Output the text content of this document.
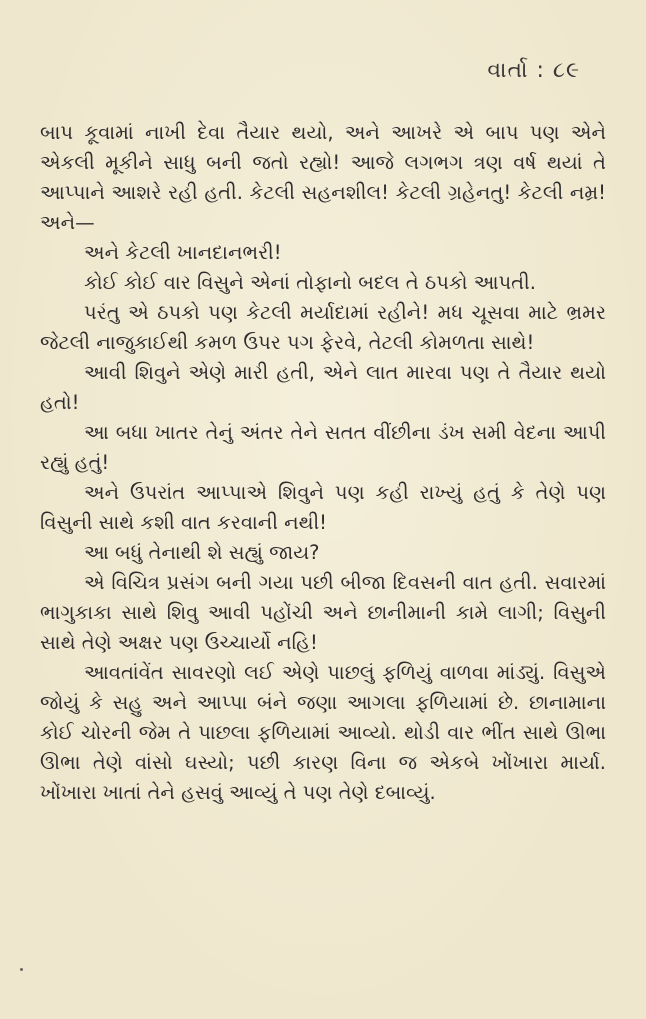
વાર્તા : ૮૯

બાપ કૂવામાં નાખી દેવા તૈયાર થયો, અને આખરે એ બાપ પણ એને એકલી મૂકીને સાધુ બની જતો રહ્યો! આજે લગભગ ત્રણ વર્ષ થયાં તે આપ્પાને આશરે રહી હતી. કેટલી સહનશીલ! કેટલી ગ્રહેનતુ! કેટલી નમ્ર! અને—

અને કેટલી ખાનદાનભરી!

કોઈ કોઈ વાર વિસુને એનાં તોફાનો બદલ તે ઠપકો આપતી.

પરંતુ એ ઠપકો પણ કેટલી મર્યાદામાં રહીને! મધ ચૂસવા માટે ભ્રમર જેટલી નાજુકાઈથી કમળ ઉપર પગ ફેરવે, તેટલી કોમળતા સાથે!

આવી શિવુને એણે મારી હતી, એને લાત મારવા પણ તે તૈયાર થયો હતો!

આ બધા ખાતર તેનું અંતર તેને સતત વીંછીના ડંખ સમી વેદના આપી રહ્યું હતું!

અને ઉપરાંત આપ્પાએ શિવુને પણ કહી રાખ્યું હતું કે તેણે પણ વિસુની સાથે કશી વાત કરવાની નથી!

આ બધું તેનાથી શે સહ્યું જાય?

એ વિચિત્ર પ્રસંગ બની ગયા પછી બીજા દિવસની વાત હતી. સવારમાં ભાગુકાકા સાથે શિવુ આવી પહોંચી અને છાનીમાની કામે લાગી; વિસુની સાથે તેણે અક્ષર પણ ઉચ્ચાર્યો નહિ!

આવતાંવેંત સાવરણો લઈ એણે પાછલું ફળિયું વાળવા માંડ્યું. વિસુએ જોયું કે સહુ અને આપ્પા બંને જણા આગલા ફળિયામાં છે. છાનામાના કોઈ ચોરની જેમ તે પાછલા ફળિયામાં આવ્યો. થોડી વાર ભીંત સાથે ઊભા ઊભા તેણે વાંસો ઘસ્યો; પછી કારણ વિના જ એકબે ખોંખારા માર્યા. ખોંખારા ખાતાં તેને હસવું આવ્યું તે પણ તેણે દબાવ્યું.
